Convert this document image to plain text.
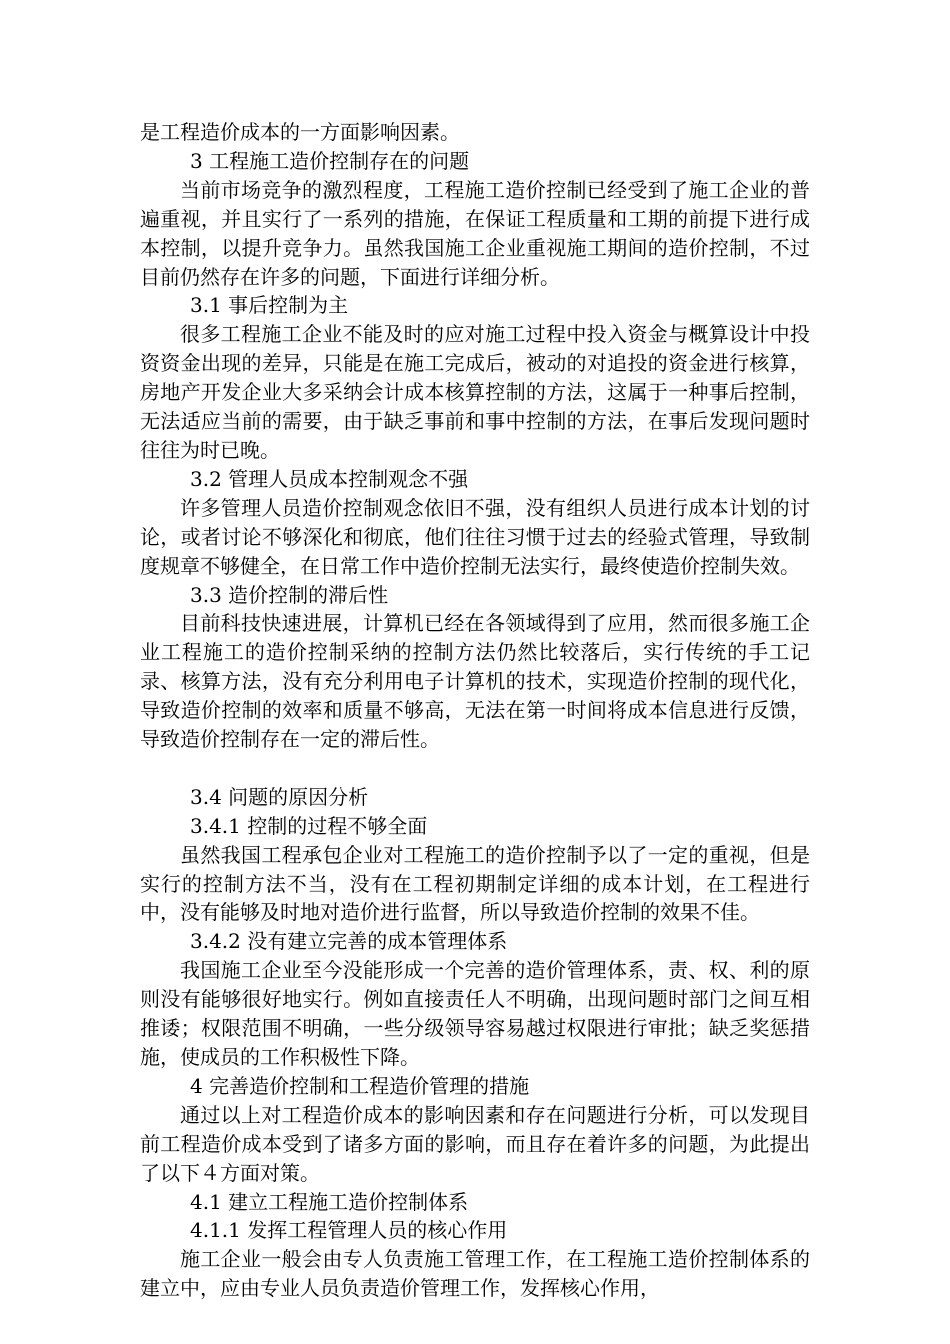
是工程造价成本的一方面影响因素。

3 工程施工造价控制存在的问题

当前市场竞争的激烈程度，工程施工造价控制已经受到了施工企业的普遍重视，并且实行了一系列的措施，在保证工程质量和工期的前提下进行成本控制，以提升竞争力。虽然我国施工企业重视施工期间的造价控制，不过目前仍然存在许多的问题，下面进行详细分析。

3.1 事后控制为主

很多工程施工企业不能及时的应对施工过程中投入资金与概算设计中投资资金出现的差异，只能是在施工完成后，被动的对追投的资金进行核算，房地产开发企业大多采纳会计成本核算控制的方法，这属于一种事后控制，无法适应当前的需要，由于缺乏事前和事中控制的方法，在事后发现问题时往往为时已晚。

3.2 管理人员成本控制观念不强

许多管理人员造价控制观念依旧不强，没有组织人员进行成本计划的讨论，或者讨论不够深化和彻底，他们往往习惯于过去的经验式管理，导致制度规章不够健全，在日常工作中造价控制无法实行，最终使造价控制失效。

3.3 造价控制的滞后性

目前科技快速进展，计算机已经在各领域得到了应用，然而很多施工企业工程施工的造价控制采纳的控制方法仍然比较落后，实行传统的手工记录、核算方法，没有充分利用电子计算机的技术，实现造价控制的现代化，导致造价控制的效率和质量不够高，无法在第一时间将成本信息进行反馈，导致造价控制存在一定的滞后性。

3.4 问题的原因分析

3.4.1 控制的过程不够全面

虽然我国工程承包企业对工程施工的造价控制予以了一定的重视，但是实行的控制方法不当，没有在工程初期制定详细的成本计划，在工程进行中，没有能够及时地对造价进行监督，所以导致造价控制的效果不佳。

3.4.2 没有建立完善的成本管理体系

我国施工企业至今没能形成一个完善的造价管理体系，责、权、利的原则没有能够很好地实行。例如直接责任人不明确，出现问题时部门之间互相推诿；权限范围不明确，一些分级领导容易越过权限进行审批；缺乏奖惩措施，使成员的工作积极性下降。

4 完善造价控制和工程造价管理的措施

通过以上对工程造价成本的影响因素和存在问题进行分析，可以发现目前工程造价成本受到了诸多方面的影响，而且存在着许多的问题，为此提出了以下４方面对策。

4.1 建立工程施工造价控制体系

4.1.1 发挥工程管理人员的核心作用

施工企业一般会由专人负责施工管理工作，在工程施工造价控制体系的建立中，应由专业人员负责造价管理工作，发挥核心作用，
